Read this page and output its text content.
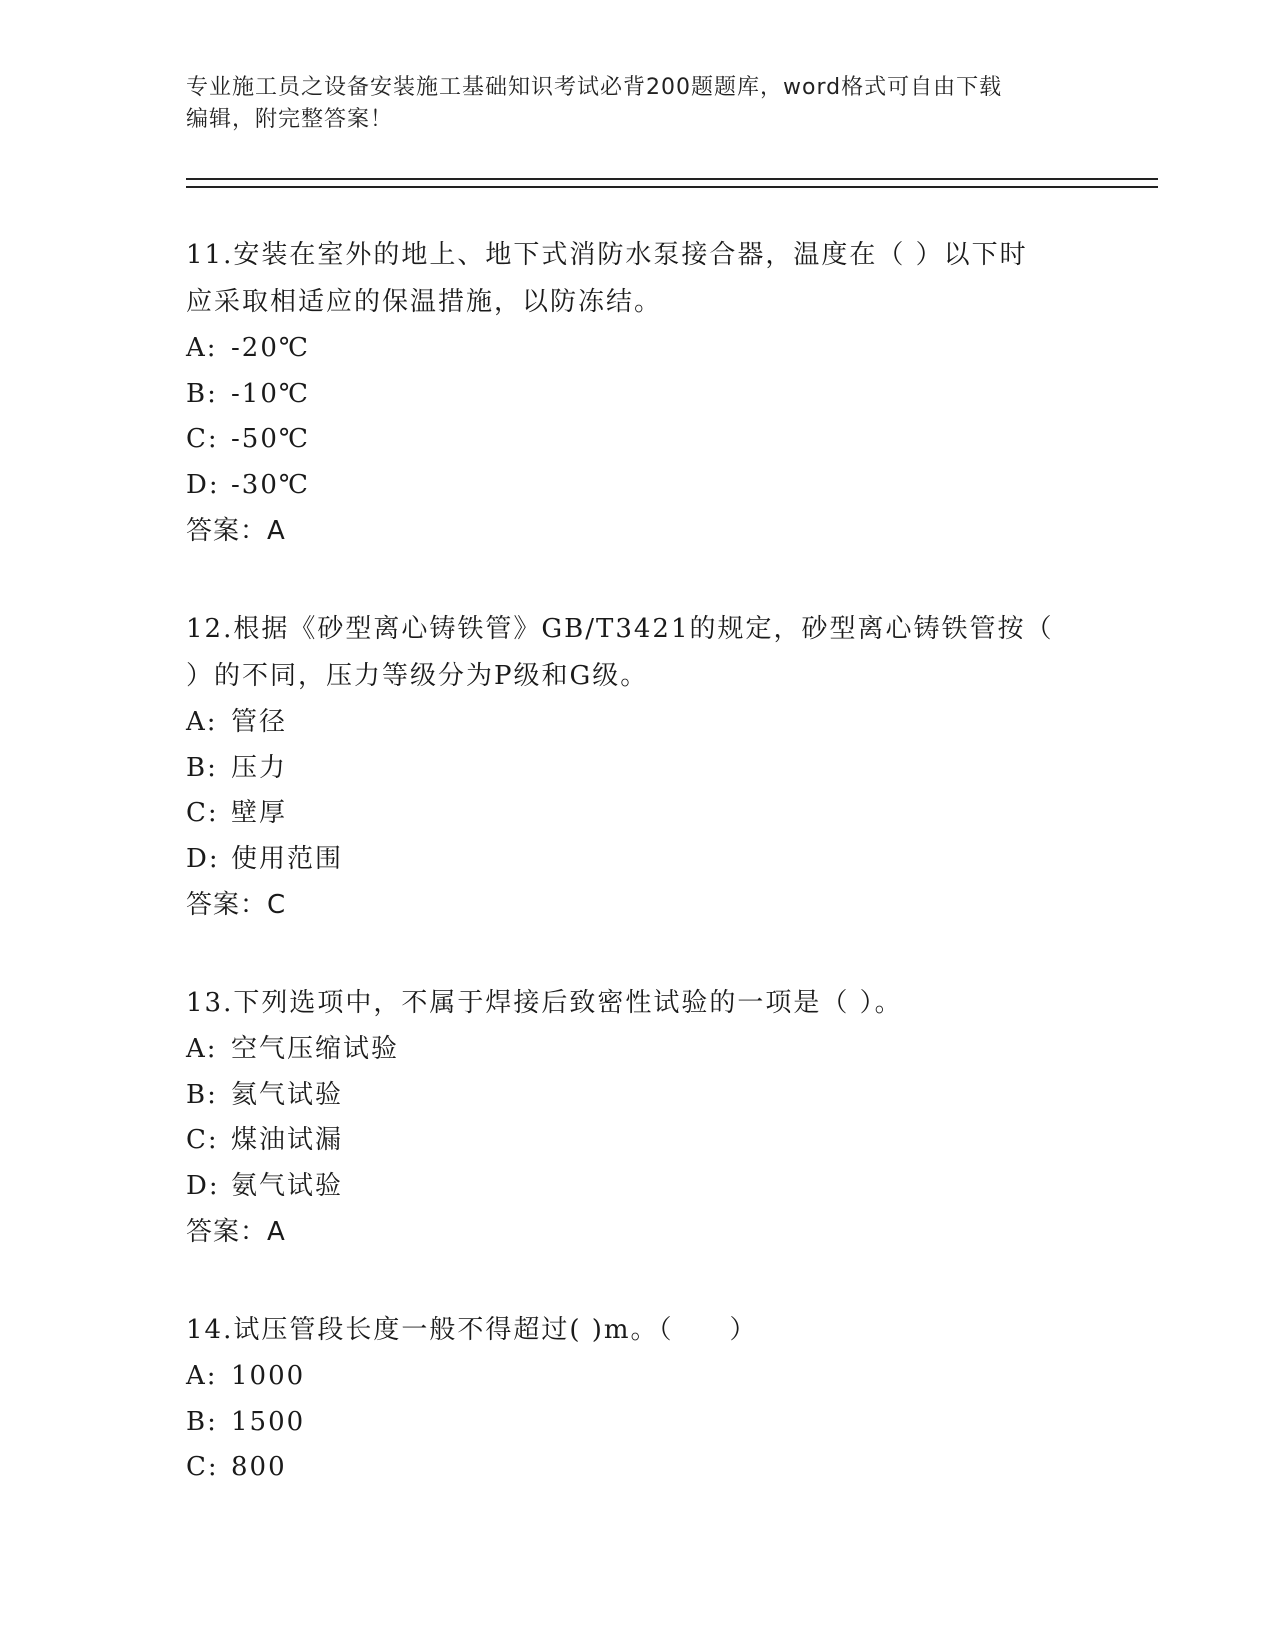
专业施工员之设备安装施工基础知识考试必背200题题库，word格式可自由下载
编辑，附完整答案！
11.安装在室外的地上、地下式消防水泵接合器，温度在（ ）以下时
应采取相适应的保温措施，以防冻结。
A: -20℃
B: -10℃
C: -50℃
D: -30℃
答案：A
12.根据《砂型离心铸铁管》GB/T3421的规定，砂型离心铸铁管按（
）的不同，压力等级分为P级和G级。
A: 管径
B: 压力
C: 壁厚
D: 使用范围
答案：C
13.下列选项中，不属于焊接后致密性试验的一项是（ ）。
A: 空气压缩试验
B: 氦气试验
C: 煤油试漏
D: 氨气试验
答案：A
14.试压管段长度一般不得超过( )m。（　　）
A: 1000
B: 1500
C: 800
